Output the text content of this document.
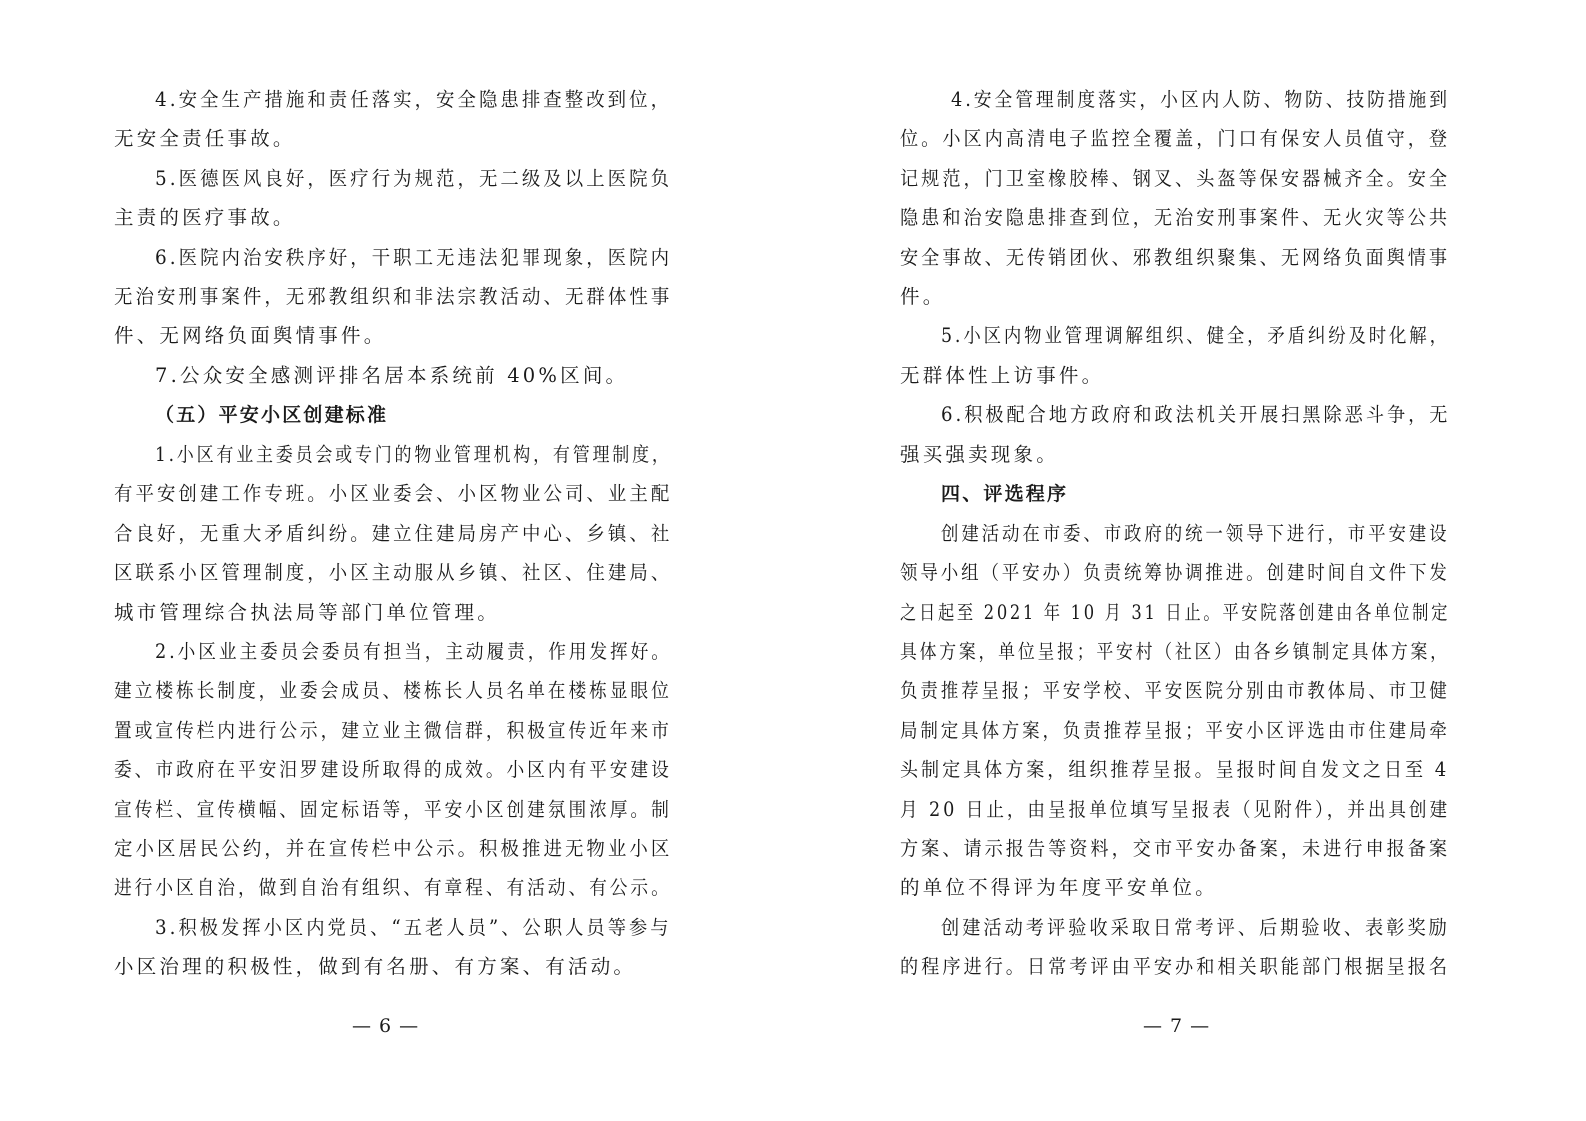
4.安全生产措施和责任落实，安全隐患排查整改到位，
无安全责任事故。
5.医德医风良好，医疗行为规范，无二级及以上医院负
主责的医疗事故。
6.医院内治安秩序好，干职工无违法犯罪现象，医院内
无治安刑事案件，无邪教组织和非法宗教活动、无群体性事
件、无网络负面舆情事件。
7.公众安全感测评排名居本系统前 40%区间。
（五）平安小区创建标准
1.小区有业主委员会或专门的物业管理机构，有管理制度，
有平安创建工作专班。小区业委会、小区物业公司、业主配
合良好，无重大矛盾纠纷。建立住建局房产中心、乡镇、社
区联系小区管理制度，小区主动服从乡镇、社区、住建局、
城市管理综合执法局等部门单位管理。
2.小区业主委员会委员有担当，主动履责，作用发挥好。
建立楼栋长制度，业委会成员、楼栋长人员名单在楼栋显眼位
置或宣传栏内进行公示，建立业主微信群，积极宣传近年来市
委、市政府在平安汨罗建设所取得的成效。小区内有平安建设
宣传栏、宣传横幅、固定标语等，平安小区创建氛围浓厚。制
定小区居民公约，并在宣传栏中公示。积极推进无物业小区
进行小区自治，做到自治有组织、有章程、有活动、有公示。
3.积极发挥小区内党员、“五老人员”、公职人员等参与
小区治理的积极性，做到有名册、有方案、有活动。
— 6 —
4.安全管理制度落实，小区内人防、物防、技防措施到
位。小区内高清电子监控全覆盖，门口有保安人员值守，登
记规范，门卫室橡胶棒、钢叉、头盔等保安器械齐全。安全
隐患和治安隐患排查到位，无治安刑事案件、无火灾等公共
安全事故、无传销团伙、邪教组织聚集、无网络负面舆情事
件。
5.小区内物业管理调解组织、健全，矛盾纠纷及时化解，
无群体性上访事件。
6.积极配合地方政府和政法机关开展扫黑除恶斗争，无
强买强卖现象。
四、评选程序
创建活动在市委、市政府的统一领导下进行，市平安建设
领导小组（平安办）负责统筹协调推进。创建时间自文件下发
之日起至 2021 年 10 月 31 日止。平安院落创建由各单位制定
具体方案，单位呈报；平安村（社区）由各乡镇制定具体方案，
负责推荐呈报；平安学校、平安医院分别由市教体局、市卫健
局制定具体方案，负责推荐呈报；平安小区评选由市住建局牵
头制定具体方案，组织推荐呈报。呈报时间自发文之日至 4
月 20 日止，由呈报单位填写呈报表（见附件），并出具创建
方案、请示报告等资料，交市平安办备案，未进行申报备案
的单位不得评为年度平安单位。
创建活动考评验收采取日常考评、后期验收、表彰奖励
的程序进行。日常考评由平安办和相关职能部门根据呈报名
— 7 —
